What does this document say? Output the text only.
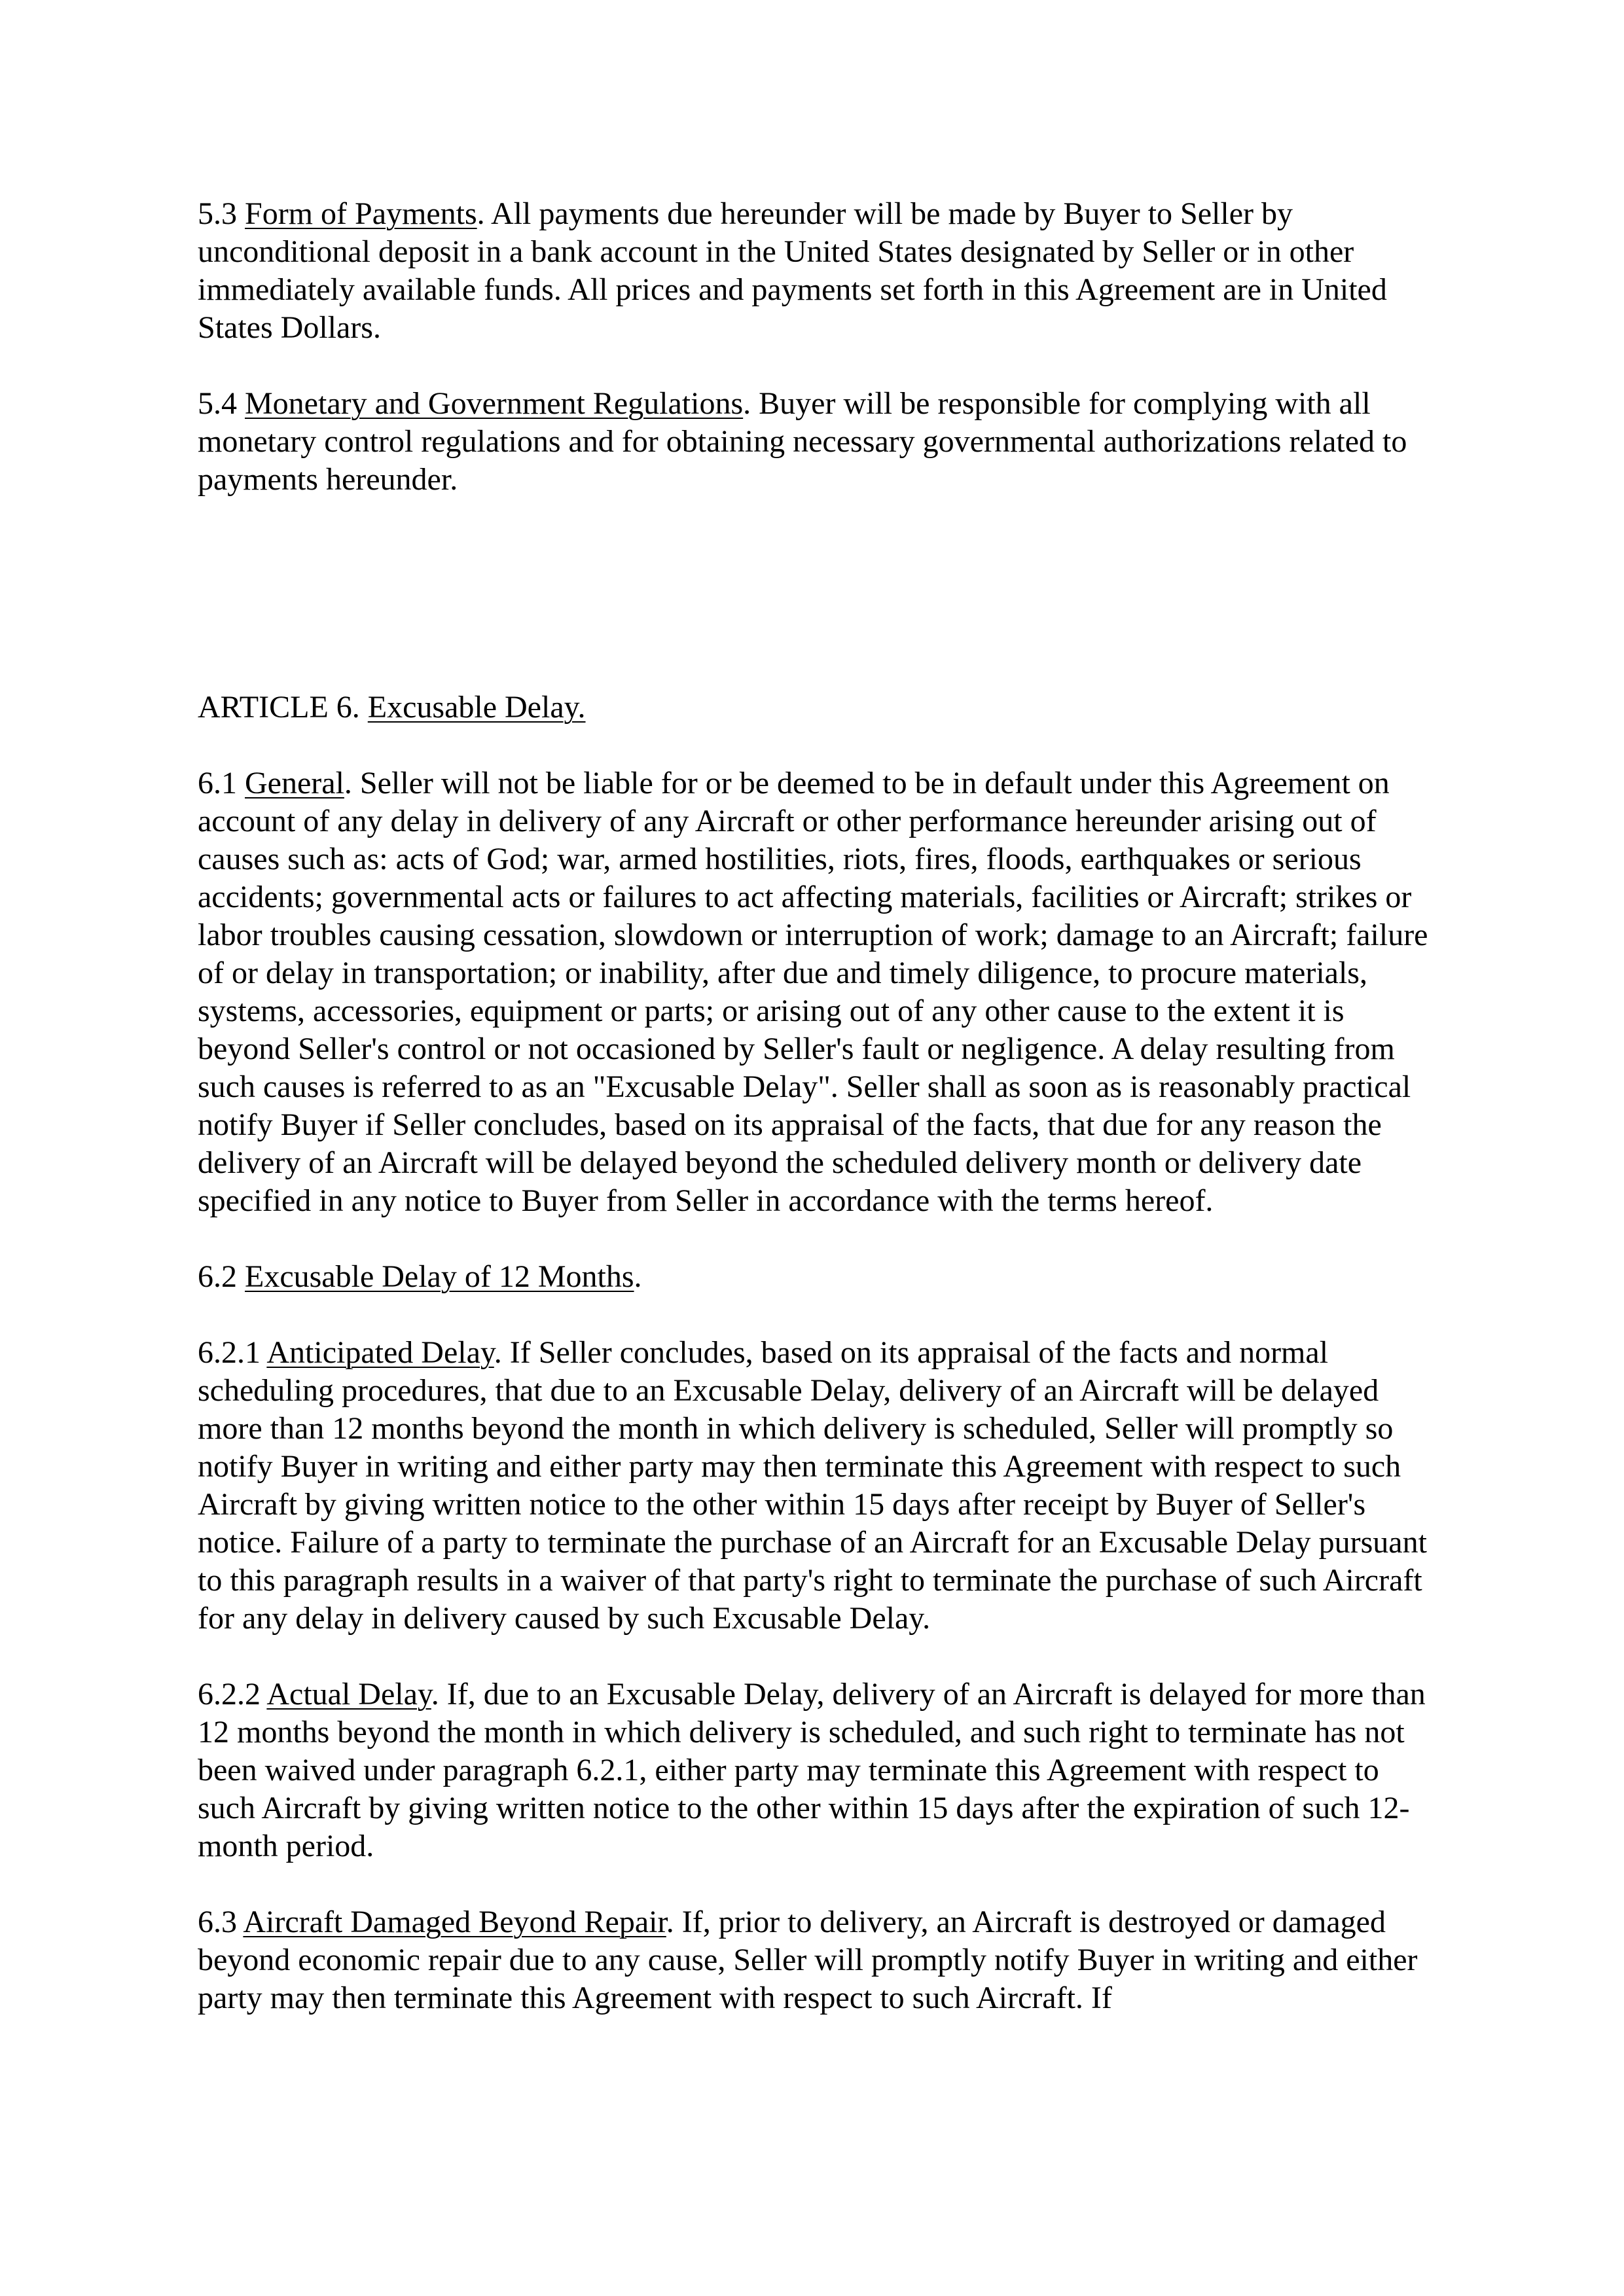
5.3 Form of Payments. All payments due hereunder will be made by Buyer to Seller by unconditional deposit in a bank account in the United States designated by Seller or in other immediately available funds. All prices and payments set forth in this Agreement are in United States Dollars.

5.4 Monetary and Government Regulations. Buyer will be responsible for complying with all monetary control regulations and for obtaining necessary governmental authorizations related to payments hereunder.

ARTICLE 6. Excusable Delay.

6.1 General. Seller will not be liable for or be deemed to be in default under this Agreement on account of any delay in delivery of any Aircraft or other performance hereunder arising out of causes such as: acts of God; war, armed hostilities, riots, fires, floods, earthquakes or serious accidents; governmental acts or failures to act affecting materials, facilities or Aircraft; strikes or labor troubles causing cessation, slowdown or interruption of work; damage to an Aircraft; failure of or delay in transportation; or inability, after due and timely diligence, to procure materials, systems, accessories, equipment or parts; or arising out of any other cause to the extent it is beyond Seller's control or not occasioned by Seller's fault or negligence. A delay resulting from such causes is referred to as an "Excusable Delay". Seller shall as soon as is reasonably practical notify Buyer if Seller concludes, based on its appraisal of the facts, that due for any reason the delivery of an Aircraft will be delayed beyond the scheduled delivery month or delivery date specified in any notice to Buyer from Seller in accordance with the terms hereof.

6.2 Excusable Delay of 12 Months.

6.2.1 Anticipated Delay. If Seller concludes, based on its appraisal of the facts and normal scheduling procedures, that due to an Excusable Delay, delivery of an Aircraft will be delayed more than 12 months beyond the month in which delivery is scheduled, Seller will promptly so notify Buyer in writing and either party may then terminate this Agreement with respect to such Aircraft by giving written notice to the other within 15 days after receipt by Buyer of Seller's notice. Failure of a party to terminate the purchase of an Aircraft for an Excusable Delay pursuant to this paragraph results in a waiver of that party's right to terminate the purchase of such Aircraft for any delay in delivery caused by such Excusable Delay.

6.2.2 Actual Delay. If, due to an Excusable Delay, delivery of an Aircraft is delayed for more than 12 months beyond the month in which delivery is scheduled, and such right to terminate has not been waived under paragraph 6.2.1, either party may terminate this Agreement with respect to such Aircraft by giving written notice to the other within 15 days after the expiration of such 12-month period.

6.3 Aircraft Damaged Beyond Repair. If, prior to delivery, an Aircraft is destroyed or damaged beyond economic repair due to any cause, Seller will promptly notify Buyer in writing and either party may then terminate this Agreement with respect to such Aircraft. If
